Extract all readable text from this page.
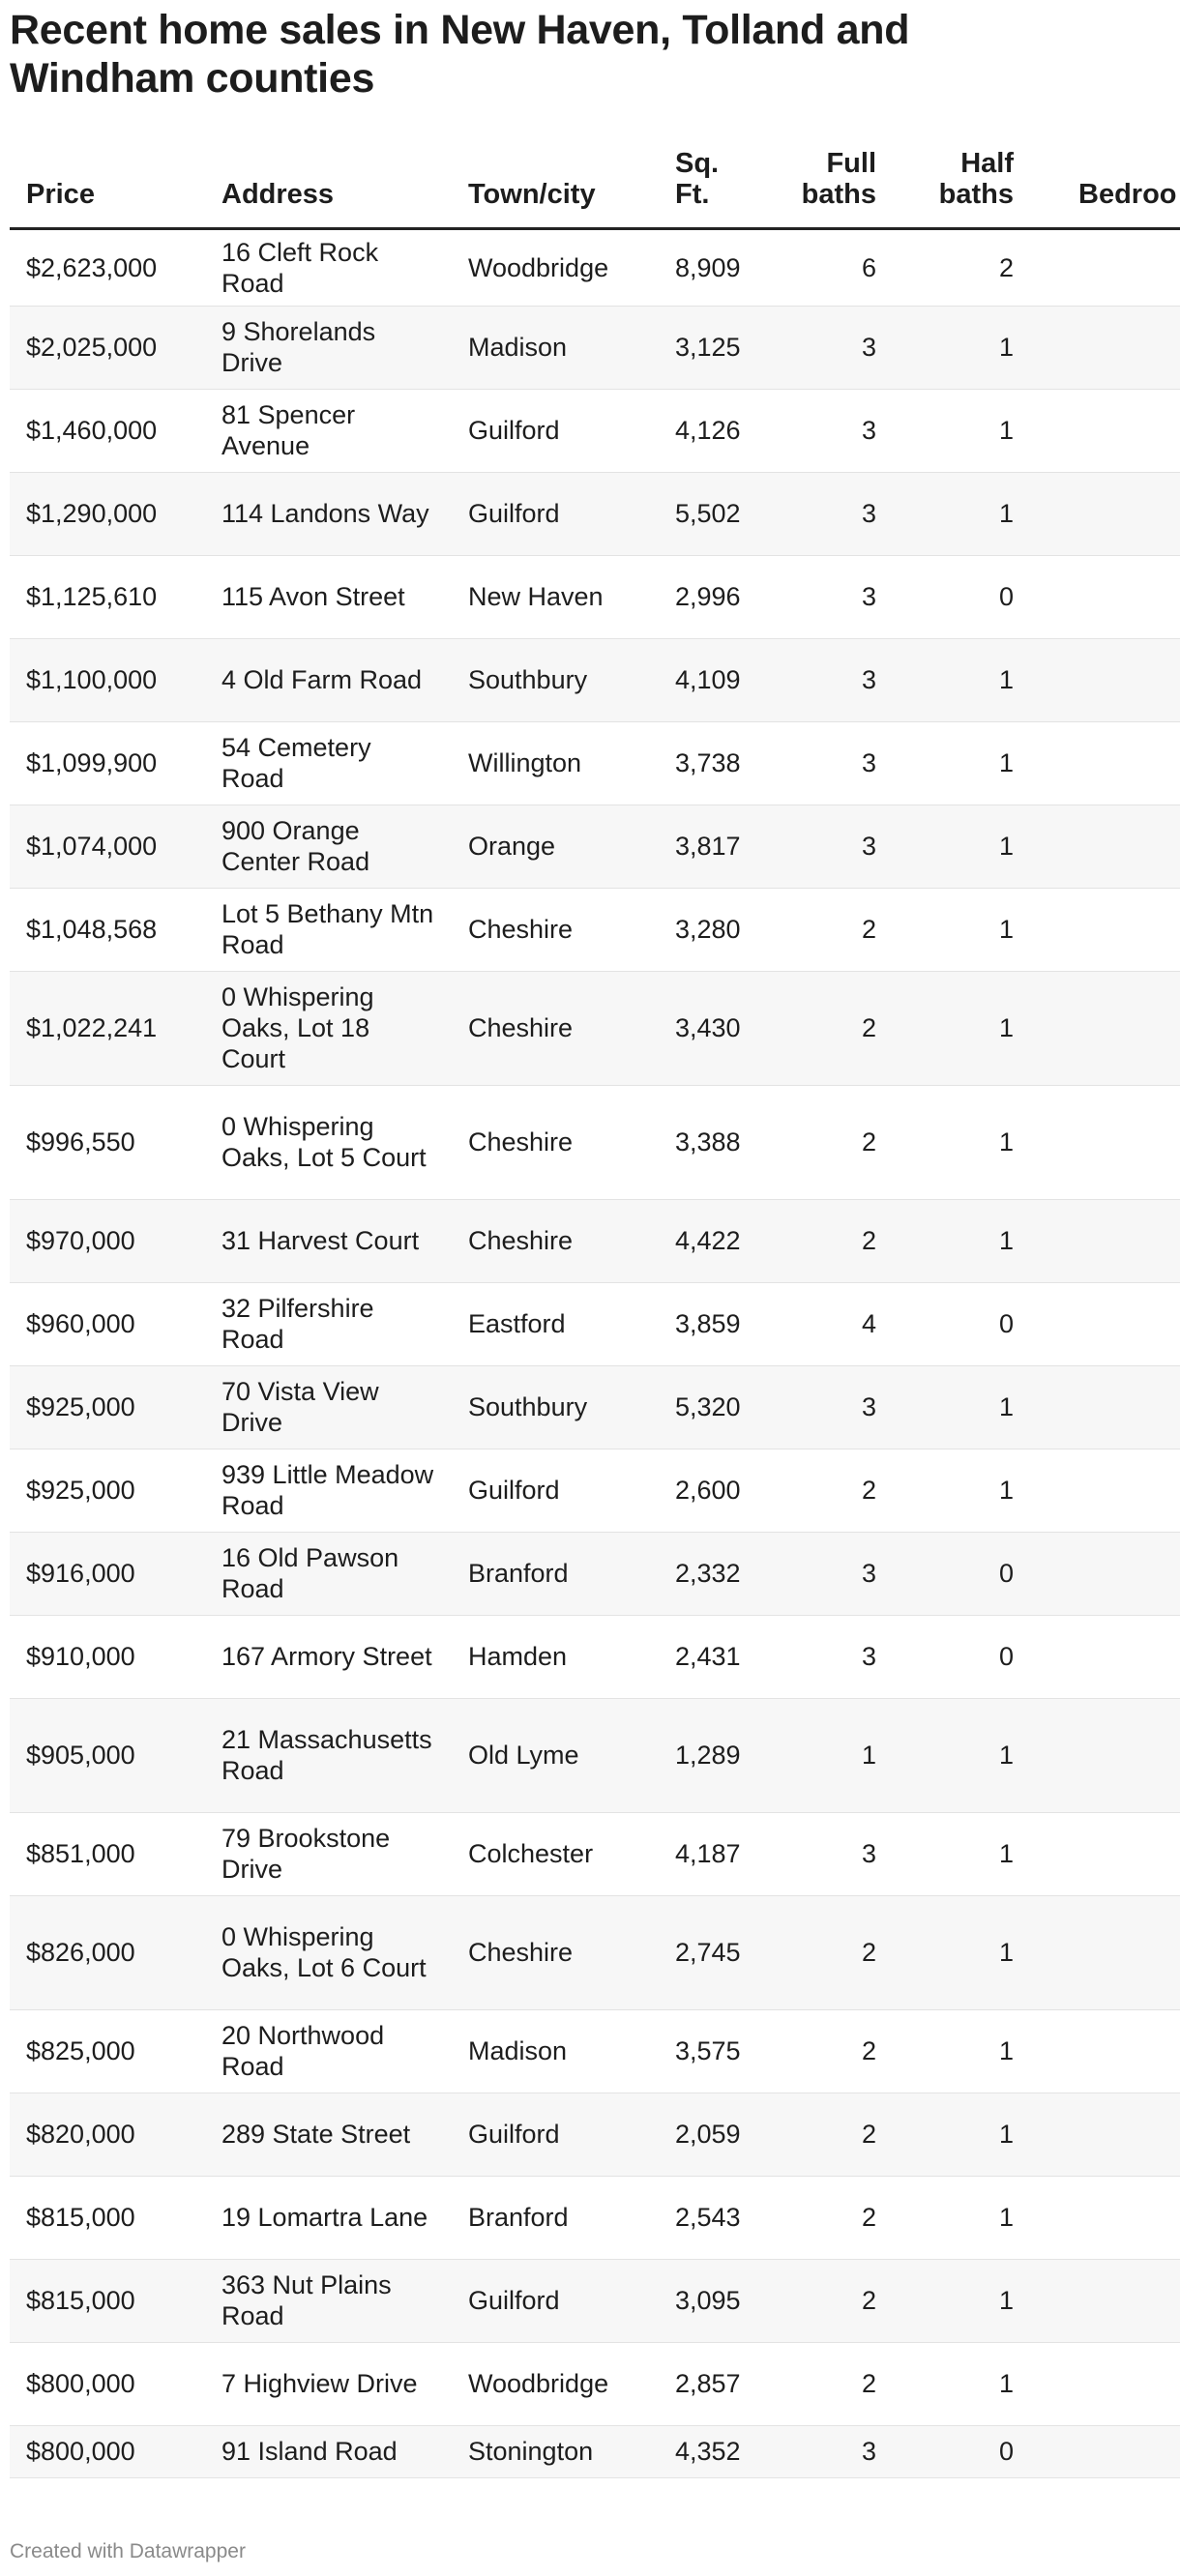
Recent home sales in New Haven, Tolland and Windham counties
Price	Address	Town/city	Sq. Ft.	Full baths	Half baths	Bedroo
$2,623,000	16 Cleft Rock Road	Woodbridge	8,909	6	2	
$2,025,000	9 Shorelands Drive	Madison	3,125	3	1	
$1,460,000	81 Spencer Avenue	Guilford	4,126	3	1	
$1,290,000	114 Landons Way	Guilford	5,502	3	1	
$1,125,610	115 Avon Street	New Haven	2,996	3	0	
$1,100,000	4 Old Farm Road	Southbury	4,109	3	1	
$1,099,900	54 Cemetery Road	Willington	3,738	3	1	
$1,074,000	900 Orange Center Road	Orange	3,817	3	1	
$1,048,568	Lot 5 Bethany Mtn Road	Cheshire	3,280	2	1	
$1,022,241	0 Whispering Oaks, Lot 18 Court	Cheshire	3,430	2	1	
$996,550	0 Whispering Oaks, Lot 5 Court	Cheshire	3,388	2	1	
$970,000	31 Harvest Court	Cheshire	4,422	2	1	
$960,000	32 Pilfershire Road	Eastford	3,859	4	0	
$925,000	70 Vista View Drive	Southbury	5,320	3	1	
$925,000	939 Little Meadow Road	Guilford	2,600	2	1	
$916,000	16 Old Pawson Road	Branford	2,332	3	0	
$910,000	167 Armory Street	Hamden	2,431	3	0	
$905,000	21 Massachusetts Road	Old Lyme	1,289	1	1	
$851,000	79 Brookstone Drive	Colchester	4,187	3	1	
$826,000	0 Whispering Oaks, Lot 6 Court	Cheshire	2,745	2	1	
$825,000	20 Northwood Road	Madison	3,575	2	1	
$820,000	289 State Street	Guilford	2,059	2	1	
$815,000	19 Lomartra Lane	Branford	2,543	2	1	
$815,000	363 Nut Plains Road	Guilford	3,095	2	1	
$800,000	7 Highview Drive	Woodbridge	2,857	2	1	
$800,000	91 Island Road	Stonington	4,352	3	0	
Created with Datawrapper
